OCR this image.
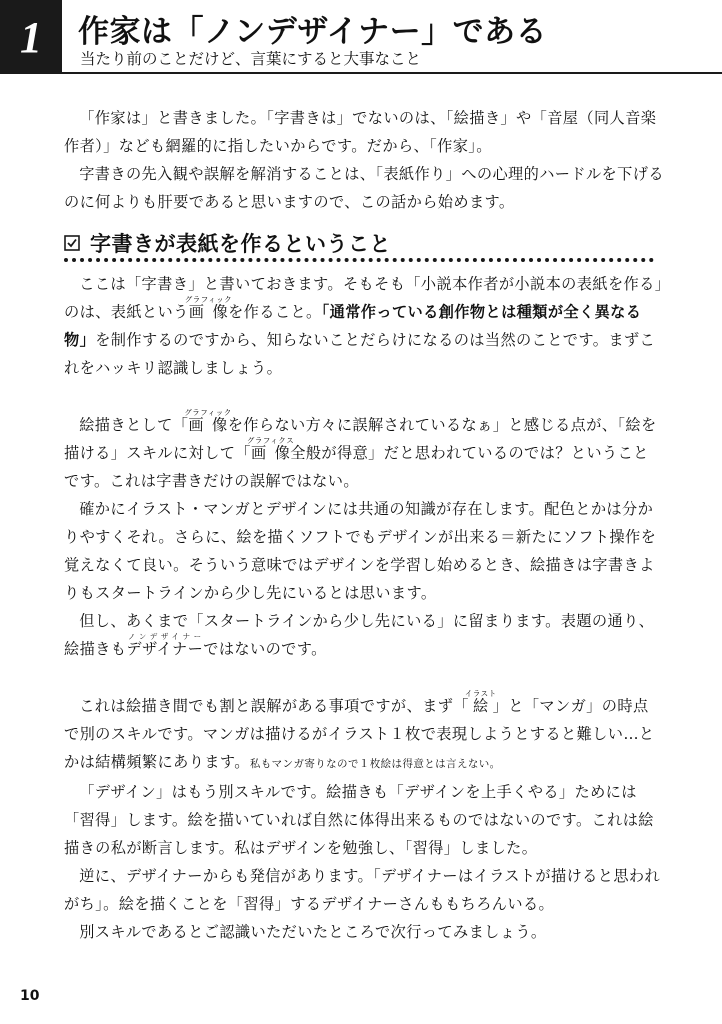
1 作家は「ノンデザイナー」である
当たり前のことだけど、言葉にすると大事なこと

「作家は」と書きました。「字書きは」でないのは、「絵描き」や「音屋（同人音楽作者）」なども網羅的に指したいからです。だから、「作家」。

字書きの先入観や誤解を解消することは、「表紙作り」への心理的ハードルを下げるのに何よりも肝要であると思いますので、この話から始めます。

字書きが表紙を作るということ

ここは「字書き」と書いておきます。そもそも「小説本作者が小説本の表紙を作る」のは、表紙という画像グラフィックを作ること。「通常作っている創作物とは種類が全く異なる物」を制作するのですから、知らないことだらけになるのは当然のことです。まずこれをハッキリ認識しましょう。

絵描きとして「画像グラフィックを作らない方々に誤解されているなぁ」と感じる点が、「絵を描ける」スキルに対して「画像グラフィクス全般が得意」だと思われているのでは？ということです。これは字書きだけの誤解ではない。

確かにイラスト・マンガとデザインには共通の知識が存在します。配色とかは分かりやすくそれ。さらに、絵を描くソフトでもデザインが出来る＝新たにソフト操作を覚えなくて良い。そういう意味ではデザインを学習し始めるとき、絵描きは字書きよりもスタートラインから少し先にいるとは思います。

但し、あくまで「スタートラインから少し先にいる」に留まります。表題の通り、絵描きもデザイナーノンデザイナーではないのです。

これは絵描き間でも割と誤解がある事項ですが、まず「絵イラスト」と「マンガ」の時点で別のスキルです。マンガは描けるがイラスト１枚で表現しようとすると難しい…とかは結構頻繁にあります。私もマンガ寄りなので１枚絵は得意とは言えない。

「デザイン」はもう別スキルです。絵描きも「デザインを上手くやる」ためには「習得」します。絵を描いていれば自然に体得出来るものではないのです。これは絵描きの私が断言します。私はデザインを勉強し、「習得」しました。

逆に、デザイナーからも発信があります。「デザイナーはイラストが描けると思われがち」。絵を描くことを「習得」するデザイナーさんももちろんいる。

別スキルであるとご認識いただいたところで次行ってみましょう。

10
